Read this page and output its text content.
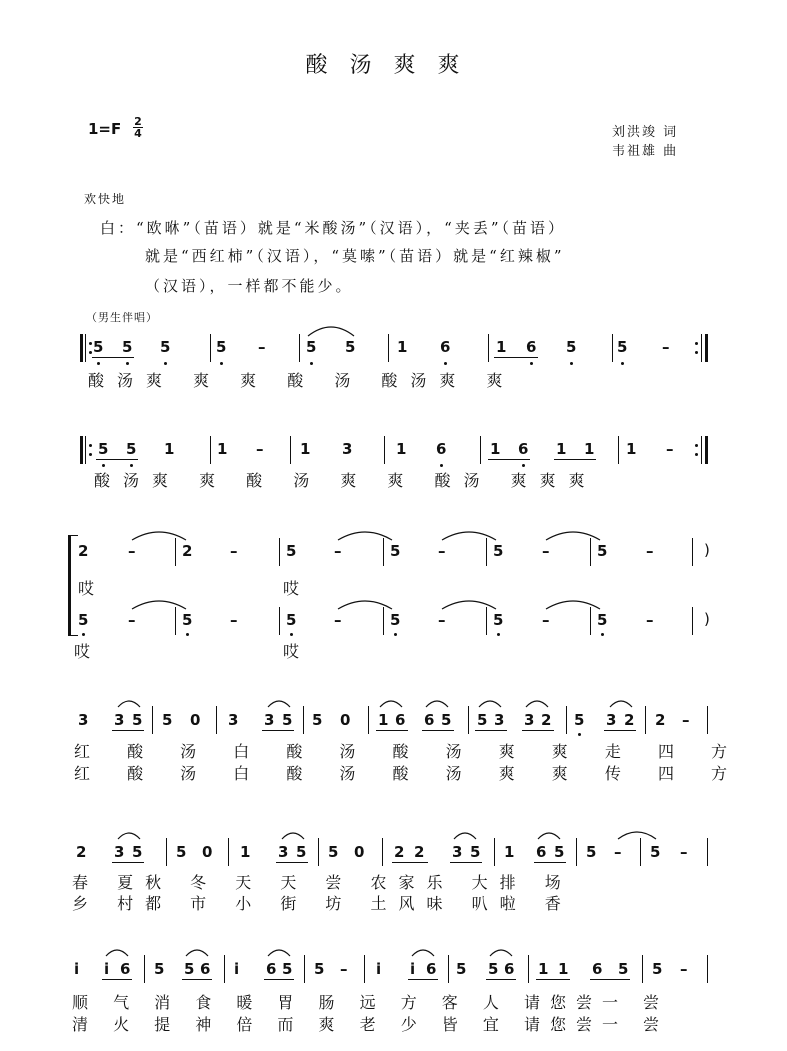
酸汤爽爽
1=F 2
4	刘洪竣 词
韦祖雄 曲
欢快地
白：“欧咻”（苗语）就是“米酸汤”（汉语），“夹丢”（苗语）
就是“西红柿”（汉语），“莫嗦”（苗语）就是“红辣椒”
（汉语），一样都不能少。
（男生伴唱）
5 5 5	5 –	5 5	1 6	1 6 5	5 –
酸汤爽 爽 爽 酸 汤 酸汤爽 爽
5 5 1	1 – 1 3	1 6	1 6 1 1 1 –
酸汤爽 爽 酸 汤 爽 爽 酸汤 爽爽爽
2	–	2	–	5	–	5	–	5	–	5	–	)
哎	哎
5	–	5	–	5	–	5	–	5	–	5	–	)
哎	哎
3 3 5 5 0 3 3 5 5 0 1 6 6 5 5 3 3 2 5 3 2 2 –
红 酸 汤 白 酸 汤 酸 汤 爽 爽 走 四 方
红 酸 汤 白 酸 汤 酸 汤 爽 爽 传 四 方
2 3 5 5 0 1 3 5 5 0 2 2 3 5 1 6 5 5 – 5 –
春 夏秋 冬 天 天 尝 农家乐 大排 场
乡 村都 市 小 街 坊 土风味 叭啦 香
i i 6 5 5 6 i 6 5 5 – i i 6 5 5 6 1 1 6 5 5 –
顺 气 消 食 暖 胃 肠 远 方 客 人 请您尝一 尝
清 火 提 神 倍 而 爽 老 少 皆 宜 请您尝一 尝
